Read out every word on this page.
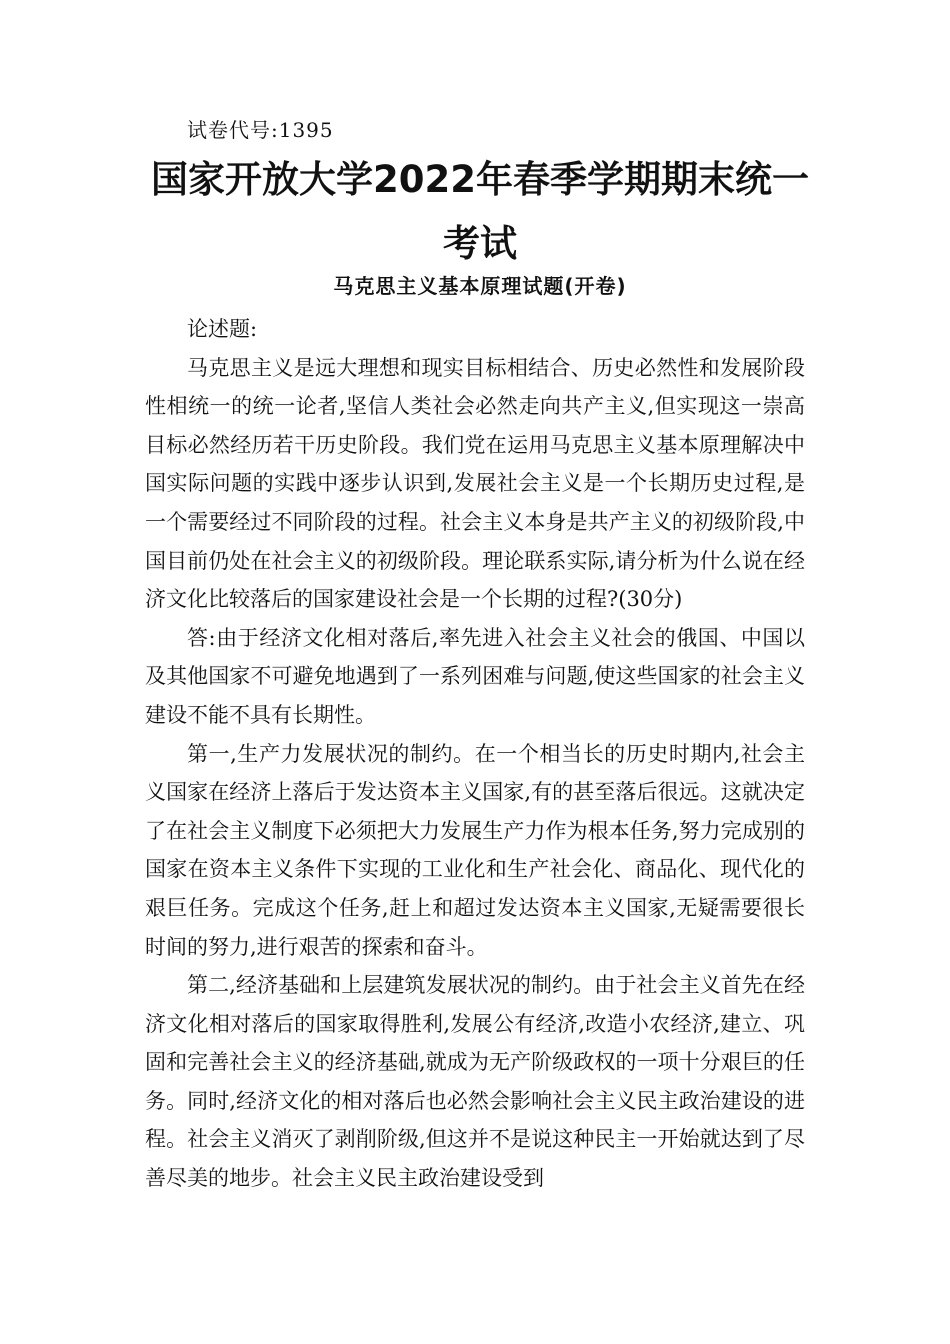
试卷代号:1395
国家开放大学2022年春季学期期末统一考试
马克思主义基本原理试题(开卷)

论述题:

马克思主义是远大理想和现实目标相结合、历史必然性和发展阶段性相统一的统一论者,坚信人类社会必然走向共产主义,但实现这一崇高目标必然经历若干历史阶段。我们党在运用马克思主义基本原理解决中国实际问题的实践中逐步认识到,发展社会主义是一个长期历史过程,是一个需要经过不同阶段的过程。社会主义本身是共产主义的初级阶段,中国目前仍处在社会主义的初级阶段。理论联系实际,请分析为什么说在经济文化比较落后的国家建设社会是一个长期的过程?(30分)

答:由于经济文化相对落后,率先进入社会主义社会的俄国、中国以及其他国家不可避免地遇到了一系列困难与问题,使这些国家的社会主义建设不能不具有长期性。

第一,生产力发展状况的制约。在一个相当长的历史时期内,社会主义国家在经济上落后于发达资本主义国家,有的甚至落后很远。这就决定了在社会主义制度下必须把大力发展生产力作为根本任务,努力完成别的国家在资本主义条件下实现的工业化和生产社会化、商品化、现代化的艰巨任务。完成这个任务,赶上和超过发达资本主义国家,无疑需要很长时间的努力,进行艰苦的探索和奋斗。

第二,经济基础和上层建筑发展状况的制约。由于社会主义首先在经济文化相对落后的国家取得胜利,发展公有经济,改造小农经济,建立、巩固和完善社会主义的经济基础,就成为无产阶级政权的一项十分艰巨的任务。同时,经济文化的相对落后也必然会影响社会主义民主政治建设的进程。社会主义消灭了剥削阶级,但这并不是说这种民主一开始就达到了尽善尽美的地步。社会主义民主政治建设受到
